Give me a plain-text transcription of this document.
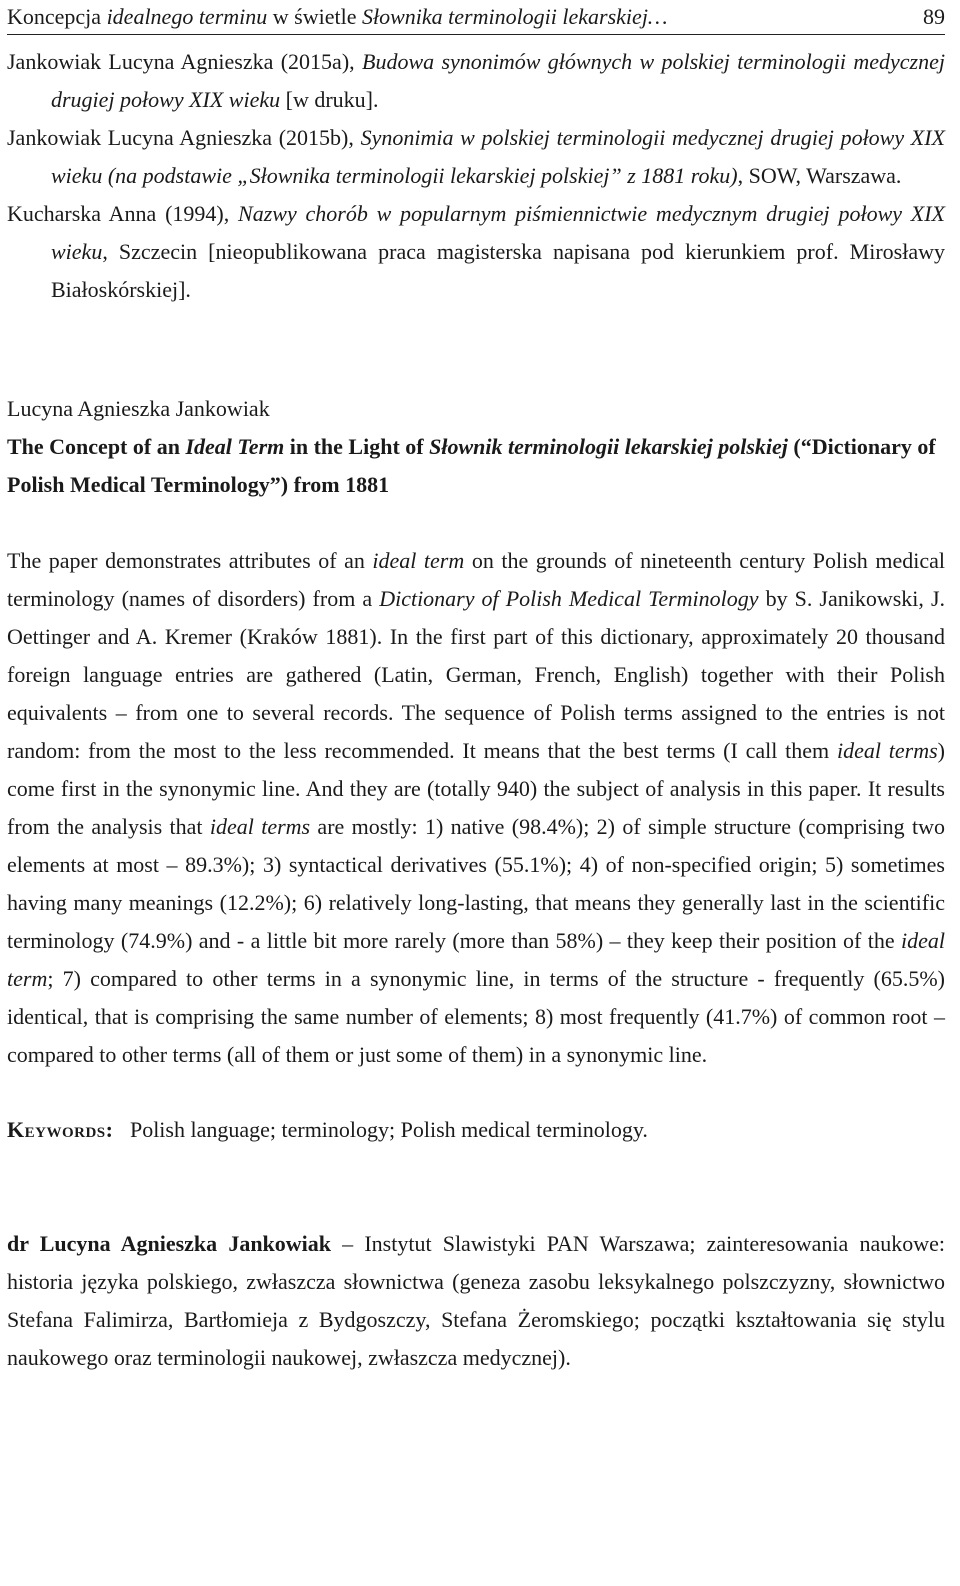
Koncepcja idealnego terminu w świetle Słownika terminologii lekarskiej…	89

Jankowiak Lucyna Agnieszka (2015a), Budowa synonimów głównych w polskiej terminologii medycznej drugiej połowy XIX wieku [w druku].

Jankowiak Lucyna Agnieszka (2015b), Synonimia w polskiej terminologii medycznej drugiej połowy XIX wieku (na podstawie „Słownika terminologii lekarskiej polskiej” z 1881 roku), SOW, Warszawa.

Kucharska Anna (1994), Nazwy chorób w popularnym piśmiennictwie medycznym drugiej połowy XIX wieku, Szczecin [nieopublikowana praca magisterska napisana pod kierunkiem prof. Mirosławy Białoskórskiej].

Lucyna Agnieszka Jankowiak

The Concept of an Ideal Term in the Light of Słownik terminologii lekarskiej polskiej (“Dictionary of Polish Medical Terminology”) from 1881

The paper demonstrates attributes of an ideal term on the grounds of nineteenth century Polish medical terminology (names of disorders) from a Dictionary of Polish Medical Terminology by S. Janikowski, J. Oettinger and A. Kremer (Kraków 1881). In the first part of this dictionary, approximately 20 thousand foreign language entries are gathered (Latin, German, French, English) together with their Polish equivalents – from one to several records. The sequence of Polish terms assigned to the entries is not random: from the most to the less recommended. It means that the best terms (I call them ideal terms) come first in the synonymic line. And they are (totally 940) the subject of analysis in this paper. It results from the analysis that ideal terms are mostly: 1) native (98.4%); 2) of simple structure (comprising two elements at most – 89.3%); 3) syntactical derivatives (55.1%); 4) of non-specified origin; 5) sometimes having many meanings (12.2%); 6) relatively long-lasting, that means they generally last in the scientific terminology (74.9%) and - a little bit more rarely (more than 58%) – they keep their position of the ideal term; 7) compared to other terms in a synonymic line, in terms of the structure - frequently (65.5%) identical, that is comprising the same number of elements; 8) most frequently (41.7%) of common root – compared to other terms (all of them or just some of them) in a synonymic line.
Keywords: Polish language; terminology; Polish medical terminology.
dr Lucyna Agnieszka Jankowiak – Instytut Slawistyki PAN Warszawa; zainteresowania naukowe: historia języka polskiego, zwłaszcza słownictwa (geneza zasobu leksykalnego polszczyzny, słownictwo Stefana Falimirza, Bartłomieja z Bydgoszczy, Stefana Żeromskiego; początki kształtowania się stylu naukowego oraz terminologii naukowej, zwłaszcza medycznej).
